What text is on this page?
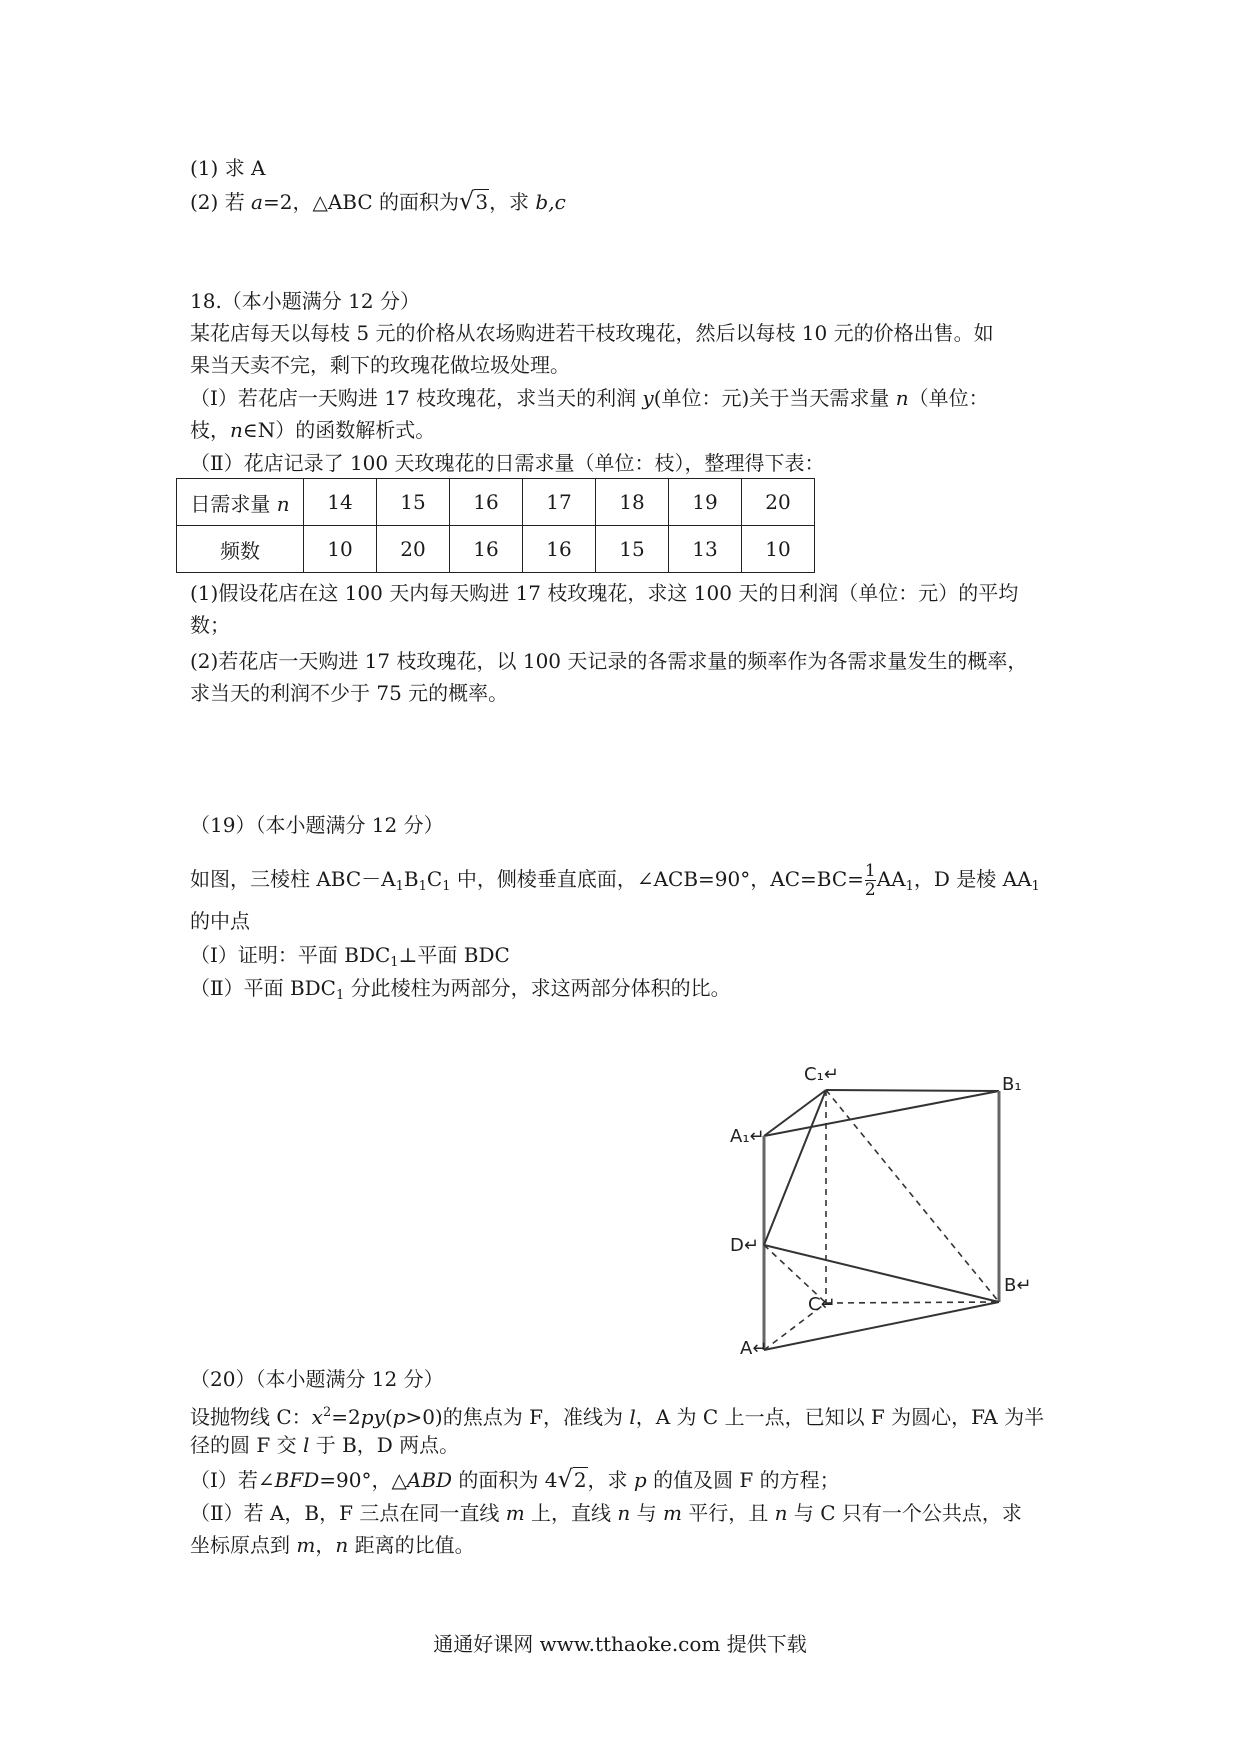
(1) 求 A
(2) 若 a=2，△ABC 的面积为√3，求 b,c
18.（本小题满分 12 分）
某花店每天以每枝 5 元的价格从农场购进若干枝玫瑰花，然后以每枝 10 元的价格出售。如
果当天卖不完，剩下的玫瑰花做垃圾处理。
（Ⅰ）若花店一天购进 17 枝玫瑰花，求当天的利润 y(单位：元)关于当天需求量 n（单位：
枝，n∈N）的函数解析式。
（Ⅱ）花店记录了 100 天玫瑰花的日需求量（单位：枝），整理得下表：
日需求量 n	14	15	16	17	18	19	20
频数	10	20	16	16	15	13	10
(1)假设花店在这 100 天内每天购进 17 枝玫瑰花，求这 100 天的日利润（单位：元）的平均
数；
(2)若花店一天购进 17 枝玫瑰花，以 100 天记录的各需求量的频率作为各需求量发生的概率，
求当天的利润不少于 75 元的概率。
（19）（本小题满分 12 分）
如图，三棱柱 $ABC-A_1B_1C_1$ 中，侧棱垂直底面，∠ACB=90°，$AC=BC= \frac{1}{2} AA_1$，D 是棱 $AA_1$
的中点
（Ⅰ）证明：平面 $BDC_1\perp$平面 BDC
（Ⅱ）平面 $BDC_1$ 分此棱柱为两部分，求这两部分体积的比。
C₁↵	B₁
A₁↵
D↵
B↵
C↵
A↵
（20）（本小题满分 12 分）
设抛物线 C：$x^2=2py(p>0)$的焦点为 F，准线为 l，A 为 C 上一点，已知以 F 为圆心，FA 为半
径的圆 F 交 l 于 B，D 两点。
（Ⅰ）若∠BFD=90°，△ABD 的面积为 4√2，求 p 的值及圆 F 的方程；
（Ⅱ）若 A，B，F 三点在同一直线 m 上，直线 n 与 m 平行，且 n 与 C 只有一个公共点，求
坐标原点到 m，n 距离的比值。
通通好课网 www.tthaoke.com 提供下载
